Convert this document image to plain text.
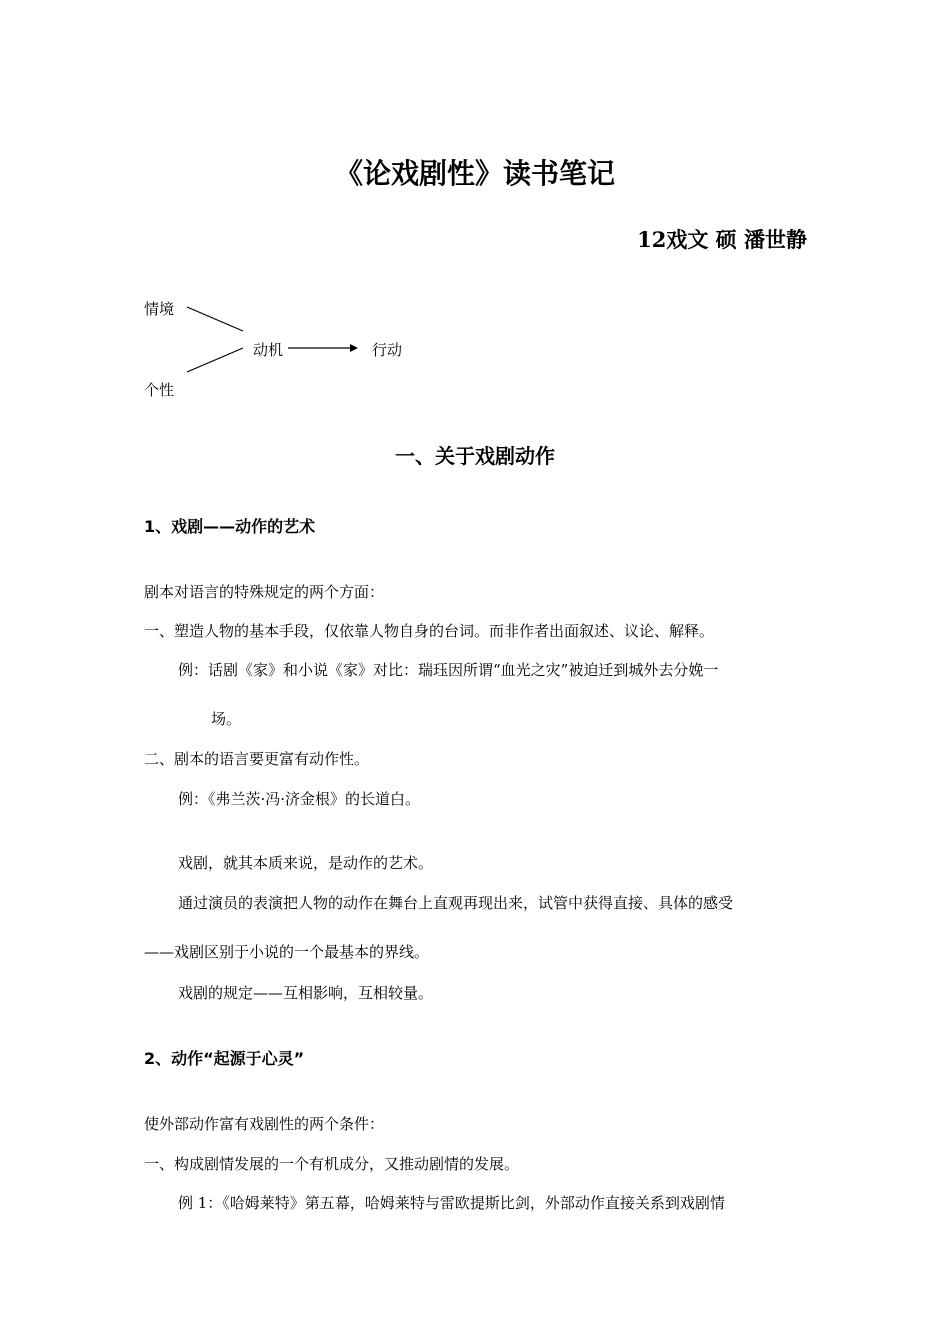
《论戏剧性》读书笔记
12戏文 硕 潘世静
情境
个性
动机	行动
一、关于戏剧动作
1、戏剧——动作的艺术
剧本对语言的特殊规定的两个方面：
一、塑造人物的基本手段，仅依靠人物自身的台词。而非作者出面叙述、议论、解释。
例：话剧《家》和小说《家》对比：瑞珏因所谓“血光之灾”被迫迁到城外去分娩一
场。
二、剧本的语言要更富有动作性。
例：《弗兰茨·冯·济金根》的长道白。
戏剧，就其本质来说，是动作的艺术。
通过演员的表演把人物的动作在舞台上直观再现出来，试管中获得直接、具体的感受
——戏剧区别于小说的一个最基本的界线。
戏剧的规定——互相影响，互相较量。
2、动作“起源于心灵”
使外部动作富有戏剧性的两个条件：
一、构成剧情发展的一个有机成分，又推动剧情的发展。
例 1：《哈姆莱特》第五幕，哈姆莱特与雷欧提斯比剑，外部动作直接关系到戏剧情
